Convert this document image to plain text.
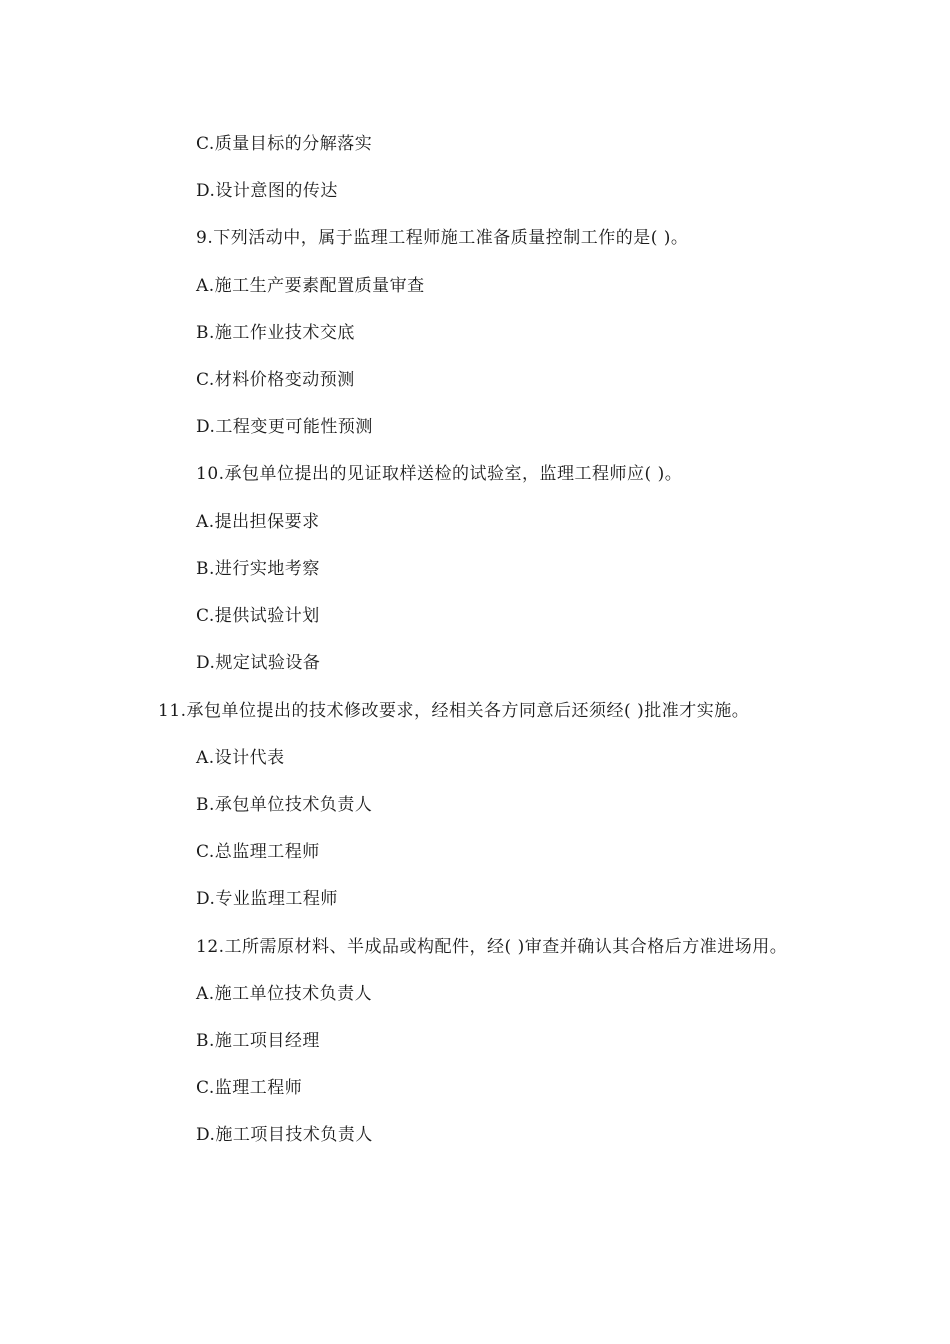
C.质量目标的分解落实
D.设计意图的传达
9.下列活动中，属于监理工程师施工准备质量控制工作的是( )。
A.施工生产要素配置质量审查
B.施工作业技术交底
C.材料价格变动预测
D.工程变更可能性预测
10.承包单位提出的见证取样送检的试验室，监理工程师应( )。
A.提出担保要求
B.进行实地考察
C.提供试验计划
D.规定试验设备
11.承包单位提出的技术修改要求，经相关各方同意后还须经( )批准才实施。
A.设计代表
B.承包单位技术负责人
C.总监理工程师
D.专业监理工程师
12.工所需原材料、半成品或构配件，经( )审查并确认其合格后方准进场用。
A.施工单位技术负责人
B.施工项目经理
C.监理工程师
D.施工项目技术负责人
